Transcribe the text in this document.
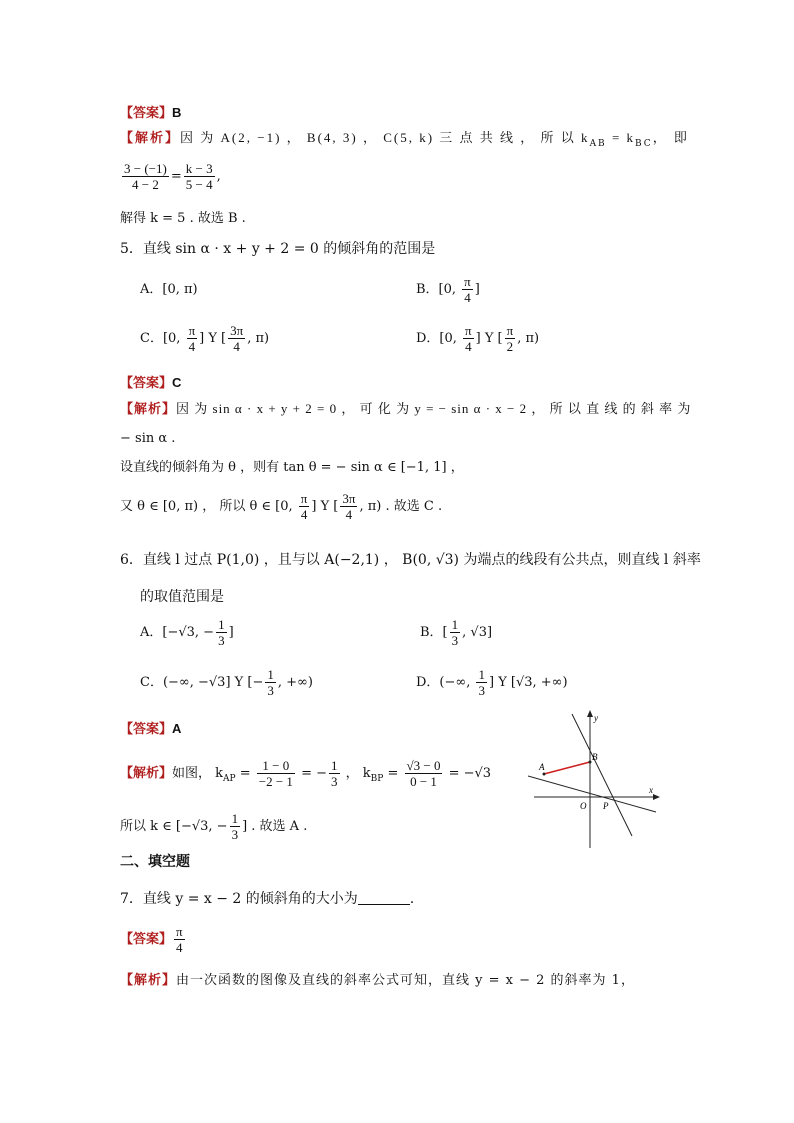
【答案】B
【解析】因 为 A(2, −1) ， B(4, 3) ， C(5, k) 三 点 共 线 ， 所 以 $k_{AB} = k_{BC}$， 即
$\frac{3 - (-1)}{4 - 2} = \frac{k - 3}{5 - 4}$ ,
解得 k = 5 . 故选 B .
5．直线 sin α · x + y + 2 = 0 的倾斜角的范围是
A．[0, π)	B．[0, $\frac{\pi}{4}$ ]
C．[0, $\frac{\pi}{4}$ ] Y [ $\frac{3\pi}{4}$ , π)	D．[0, $\frac{\pi}{4}$ ] Y [ $\frac{\pi}{2}$ , π)
【答案】C
【解析】因 为 sin α · x + y + 2 = 0 ， 可 化 为 y = − sin α · x − 2 ， 所 以 直 线 的 斜 率 为
− sin α .
设直线的倾斜角为 θ ，则有 tan θ = − sin α ∈ [−1, 1] ，
又 θ ∈ [0, π) ， 所以 θ ∈ [0, $\frac{\pi}{4}$ ] Y [ $\frac{3\pi}{4}$ , π) . 故选 C .
6．直线 l 过点 P(1,0) ，且与以 A(−2,1) ， B(0, √3) 为端点的线段有公共点，则直线 l 斜率
的取值范围是
A．[−√3, − $\frac{1}{3}$ ]	B．[ $\frac{1}{3}$ , √3]
C．(−∞, −√3] Y [− $\frac{1}{3}$ , +∞)	D．(−∞, $\frac{1}{3}$ ] Y [√3, +∞)
【答案】A
【解析】如图， $k_{AP} = \frac{1 - 0}{-2 - 1}$ = − $\frac{1}{3}$ ， $k_{BP} = \frac{√3 - 0}{0 - 1} = -√3$
所以 k ∈ [−√3, − $\frac{1}{3}$ ] . 故选 A .
y
x
A
B
O P
二、填空题
7．直线 y = x − 2 的倾斜角的大小为	.
【答案】 $\frac{\pi}{4}$
【解析】由一次函数的图像及直线的斜率公式可知，直线 y = x − 2 的斜率为 1，
